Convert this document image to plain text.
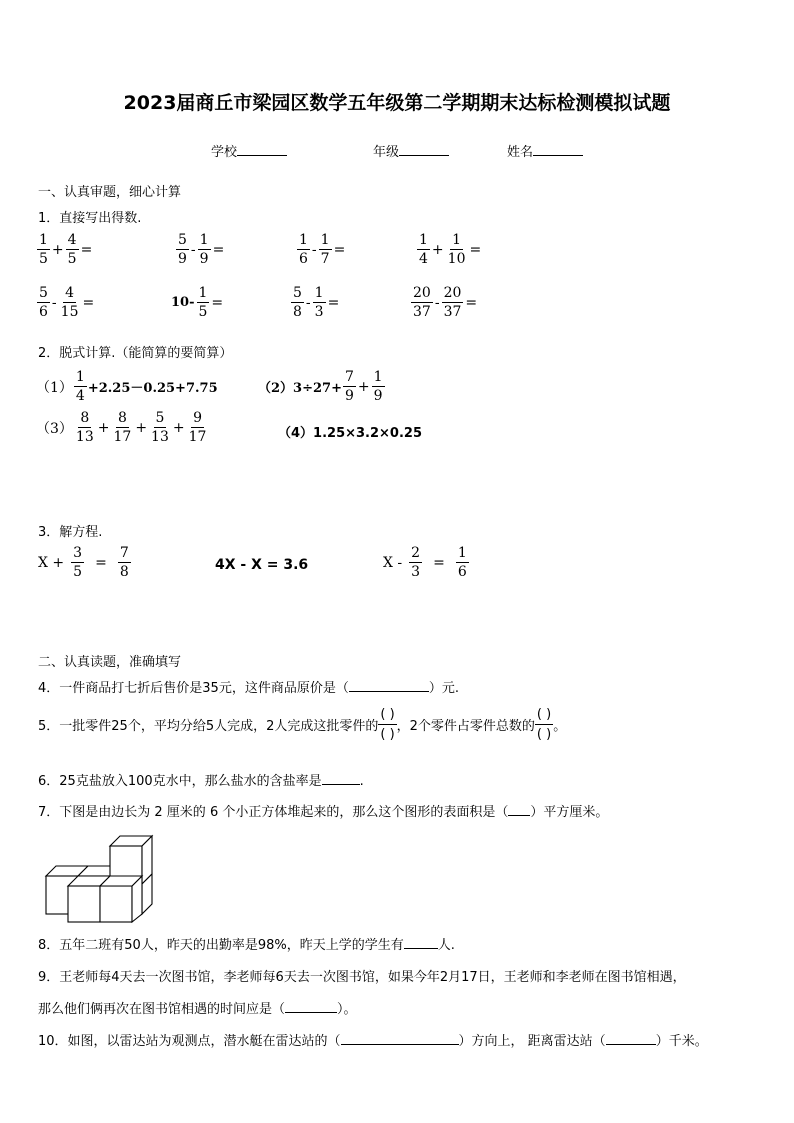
2023届商丘市梁园区数学五年级第二学期期末达标检测模拟试题
学校	年级	姓名
一、认真审题，细心计算
1．直接写出得数.
$\frac{1}{5} + \frac{4}{5}$ =	$\frac{5}{9} - \frac{1}{9}$ =	$\frac{1}{6} - \frac{1}{7}$ =	$\frac{1}{4} + \frac{1}{10}$ =
$\frac{5}{6} - \frac{4}{15}$ =	$10- \frac{1}{5}$ =	$\frac{5}{8} - \frac{1}{3}$ =	$\frac{20}{37} - \frac{20}{37}$ =
2．脱式计算.（能简算的要简算）
$(1) \frac{1}{4} +2.25-0.25+7.75$	$(2)3\div 27+ \frac{7}{9} + \frac{1}{9}$
$(3) \frac{8}{13} + \frac{8}{17} + \frac{5}{13} + \frac{9}{17}$	（4）1.25×3.2×0.25
3．解方程.
$X + \frac{3}{5} = \frac{7}{8}$	4X - X = 3.6	$X - \frac{2}{3} = \frac{1}{6}$
二、认真读题，准确填写
4．一件商品打七折后售价是35元，这件商品原价是（	）元.
5．一批零件25个，平均分给5人完成，2人完成这批零件的
( )
( )
，2个零件占零件总数的
( )
( )
。
6．25克盐放入100克水中，那么盐水的含盐率是	.
7．下图是由边长为 2 厘米的 6 个小正方体堆起来的，那么这个图形的表面积是（ ）平方厘米。
8．五年二班有50人，昨天的出勤率是98%，昨天上学的学生有	人.
9．王老师每4天去一次图书馆，李老师每6天去一次图书馆，如果今年2月17日，王老师和李老师在图书馆相遇，
那么他们俩再次在图书馆相遇的时间应是（	）。
10．如图，以雷达站为观测点，潜水艇在雷达站的（	）方向上， 距离雷达站（	）千米。
